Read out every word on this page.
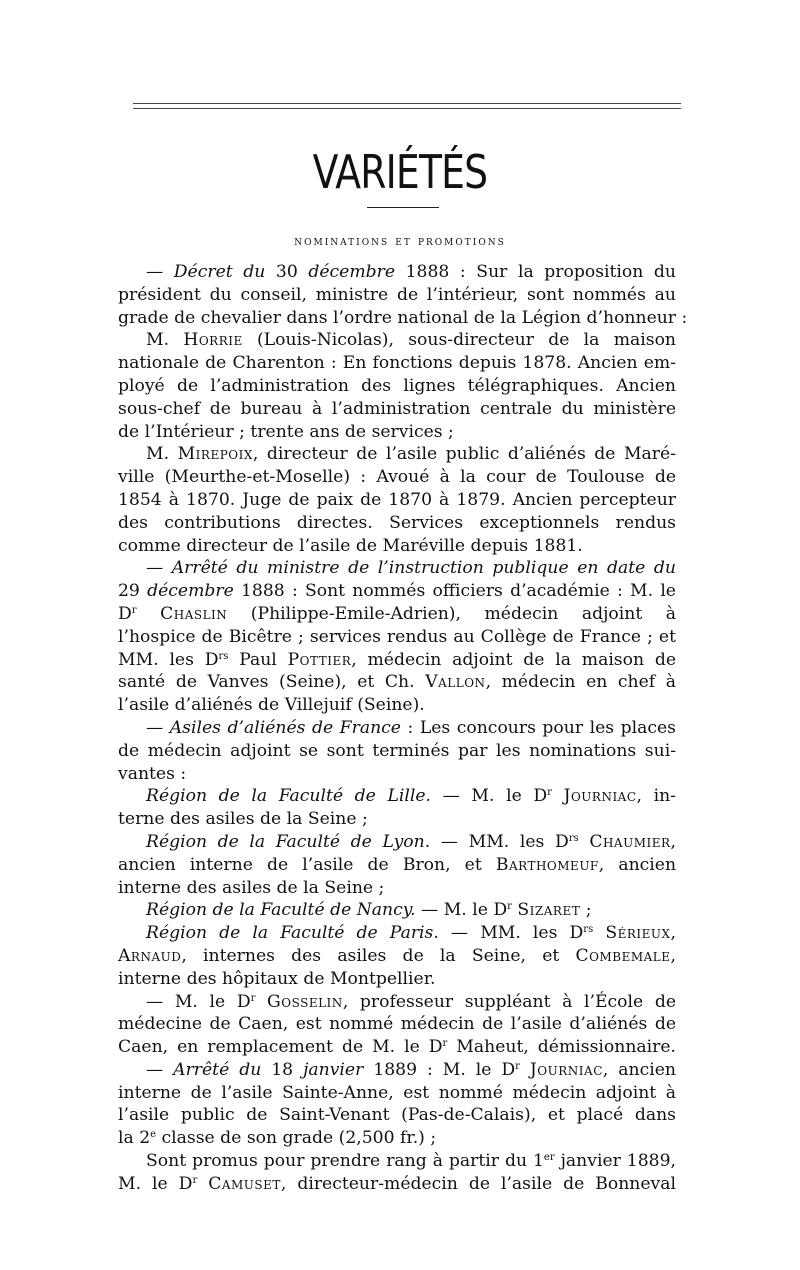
VARIÉTÉS
nominations et promotions
— Décret du 30 décembre 1888 : Sur la proposition du
président du conseil, ministre de l’intérieur, sont nommés au
grade de chevalier dans l’ordre national de la Légion d’honneur :
M. Horrie (Louis-Nicolas), sous-directeur de la maison
nationale de Charenton : En fonctions depuis 1878. Ancien em-
ployé de l’administration des lignes télégraphiques. Ancien
sous-chef de bureau à l’administration centrale du ministère
de l’Intérieur ; trente ans de services ;
M. Mirepoix, directeur de l’asile public d’aliénés de Maré-
ville (Meurthe-et-Moselle) : Avoué à la cour de Toulouse de
1854 à 1870. Juge de paix de 1870 à 1879. Ancien percepteur
des contributions directes. Services exceptionnels rendus
comme directeur de l’asile de Maréville depuis 1881.
— Arrêté du ministre de l’instruction publique en date du
29 décembre 1888 : Sont nommés officiers d’académie : M. le
$D^r$ Chaslin (Philippe-Emile-Adrien), médecin adjoint à
l’hospice de Bicêtre ; services rendus au Collège de France ; et
MM. les $D^{rs}$ Paul Pottier, médecin adjoint de la maison de
santé de Vanves (Seine), et Ch. Vallon, médecin en chef à
l’asile d’aliénés de Villejuif (Seine).
— Asiles d’aliénés de France : Les concours pour les places
de médecin adjoint se sont terminés par les nominations sui-
vantes :
Région de la Faculté de Lille. — M. le $D^r$ Journiac, in-
terne des asiles de la Seine ;
Région de la Faculté de Lyon. — MM. les $D^{rs}$ Chaumier,
ancien interne de l’asile de Bron, et Barthomeuf, ancien
interne des asiles de la Seine ;
Région de la Faculté de Nancy. — M. le $D^r$ Sizaret ;
Région de la Faculté de Paris. — MM. les $D^{rs}$ Sérieux,
Arnaud, internes des asiles de la Seine, et Combemale,
interne des hôpitaux de Montpellier.
— M. le $D^r$ Gosselin, professeur suppléant à l’École de
médecine de Caen, est nommé médecin de l’asile d’aliénés de
Caen, en remplacement de M. le $D^r$ Maheut, démissionnaire.
— Arrêté du 18 janvier 1889 : M. le $D^r$ Journiac, ancien
interne de l’asile Sainte-Anne, est nommé médecin adjoint à
l’asile public de Saint-Venant (Pas-de-Calais), et placé dans
la 2e classe de son grade (2,500 fr.) ;
Sont promus pour prendre rang à partir du 1er janvier 1889,
M. le $D^r$ Camuset, directeur-médecin de l’asile de Bonneval
